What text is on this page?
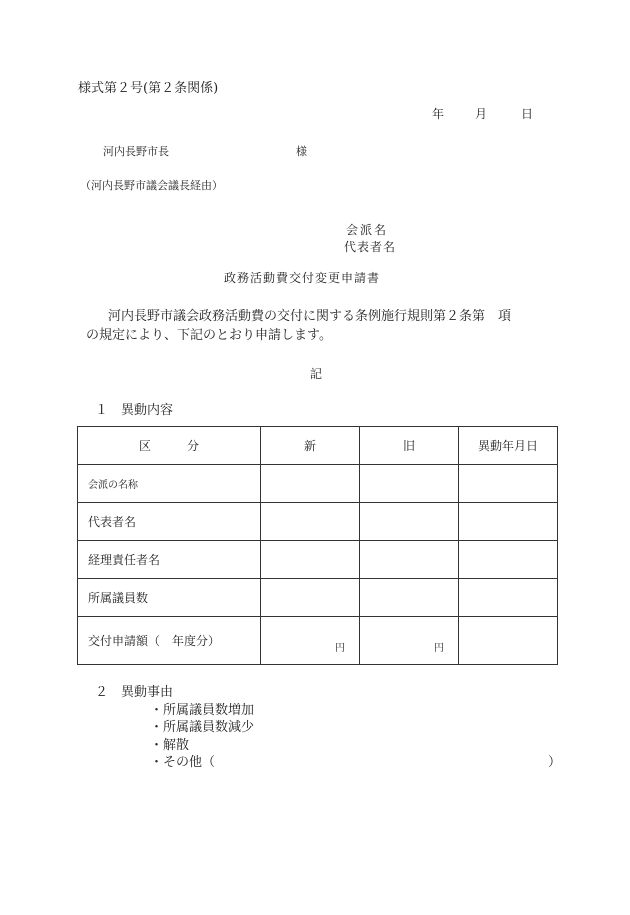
様式第２号(第２条関係)
年	月	日
河内長野市長	様
（河内長野市議会議長経由）
会派名
代表者名
政務活動費交付変更申請書
河内長野市議会政務活動費の交付に関する条例施行規則第２条第　項
の規定により、下記のとおり申請します。
記
１　異動内容
区　　　分	新	旧	異動年月日
会派の名称			
代表者名			
経理責任者名			
所属議員数			
交付申請額（　年度分）	円	円	
２　異動事由
・所属議員数増加
・所属議員数減少
・解散
・その他（	）
